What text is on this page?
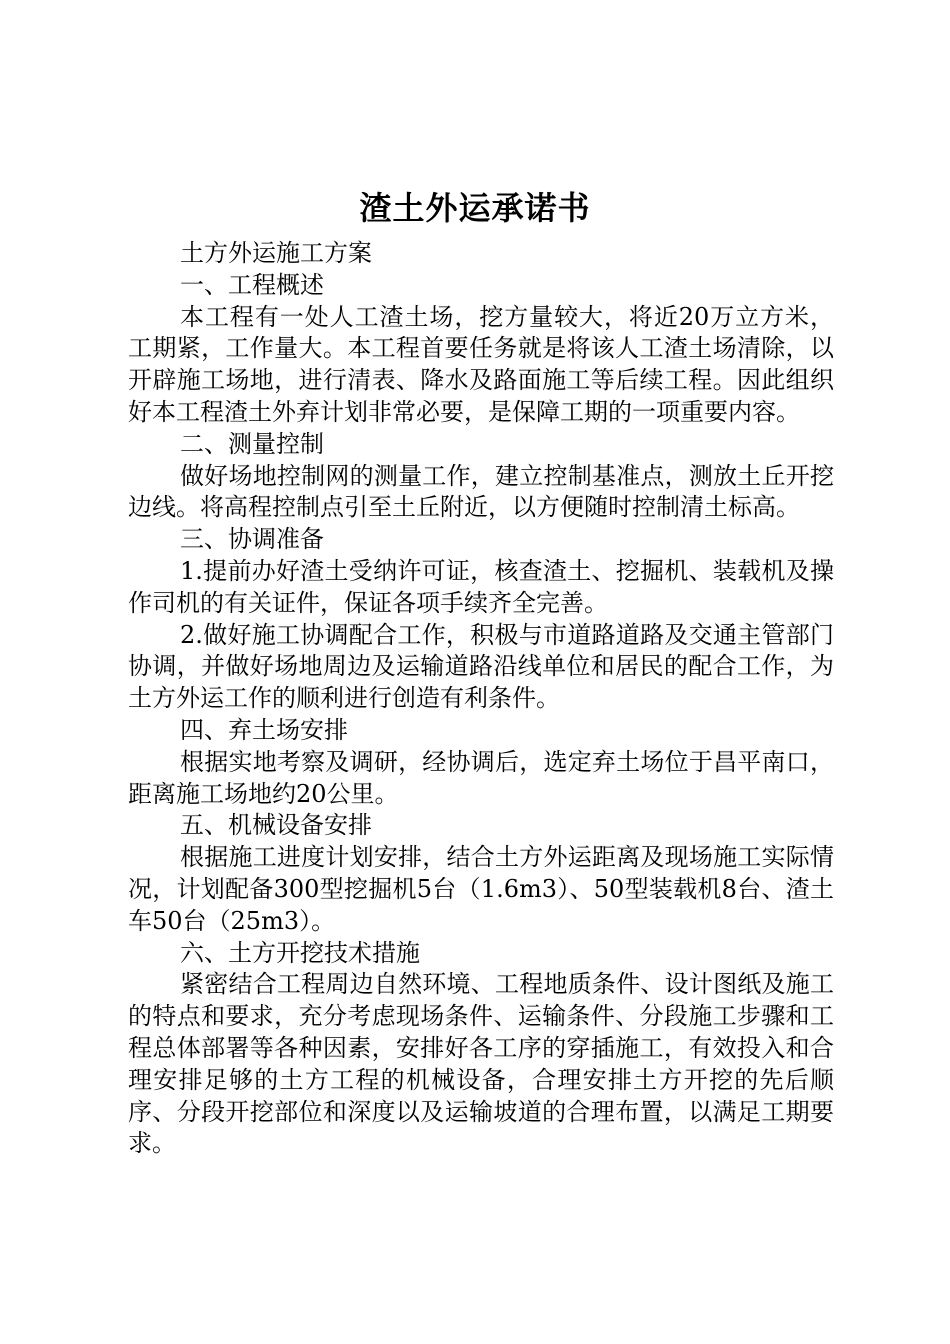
渣土外运承诺书

土方外运施工方案

一、工程概述

本工程有一处人工渣土场，挖方量较大，将近20万立方米，工期紧，工作量大。本工程首要任务就是将该人工渣土场清除，以开辟施工场地，进行清表、降水及路面施工等后续工程。因此组织好本工程渣土外弃计划非常必要，是保障工期的一项重要内容。

二、测量控制

做好场地控制网的测量工作，建立控制基准点，测放土丘开挖边线。将高程控制点引至土丘附近，以方便随时控制清土标高。

三、协调准备

1.提前办好渣土受纳许可证，核查渣土、挖掘机、装载机及操作司机的有关证件，保证各项手续齐全完善。

2.做好施工协调配合工作，积极与市道路道路及交通主管部门协调，并做好场地周边及运输道路沿线单位和居民的配合工作，为土方外运工作的顺利进行创造有利条件。

四、弃土场安排

根据实地考察及调研，经协调后，选定弃土场位于昌平南口，距离施工场地约20公里。

五、机械设备安排

根据施工进度计划安排，结合土方外运距离及现场施工实际情况，计划配备300型挖掘机5台（1.6m3）、50型装载机8台、渣土车50台（25m3）。

六、土方开挖技术措施

紧密结合工程周边自然环境、工程地质条件、设计图纸及施工的特点和要求，充分考虑现场条件、运输条件、分段施工步骤和工程总体部署等各种因素，安排好各工序的穿插施工，有效投入和合理安排足够的土方工程的机械设备，合理安排土方开挖的先后顺序、分段开挖部位和深度以及运输坡道的合理布置，以满足工期要求。
